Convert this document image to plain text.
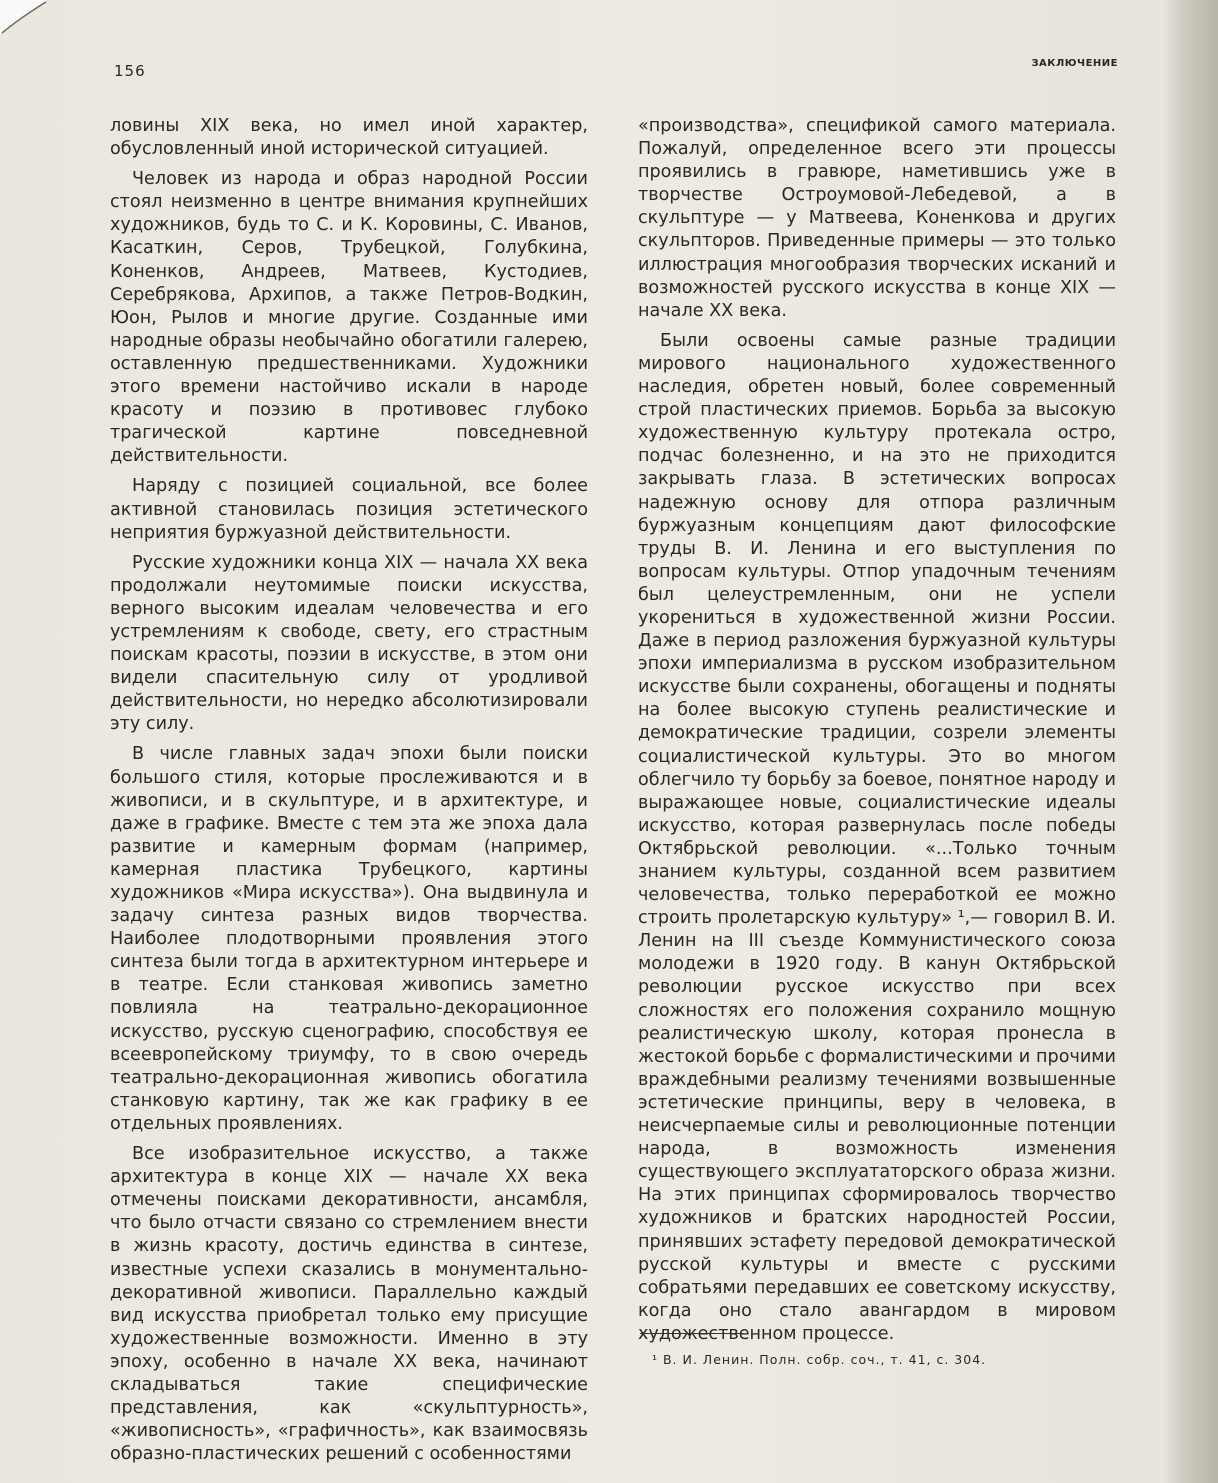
156	ЗАКЛЮЧЕНИЕ

ловины XIX века, но имел иной характер, обусловленный иной исторической ситуацией.

Человек из народа и образ народной России стоял неизменно в центре внимания крупнейших художников, будь то С. и К. Коровины, С. Иванов, Касаткин, Серов, Трубецкой, Голубкина, Коненков, Андреев, Матвеев, Кустодиев, Серебрякова, Архипов, а также Петров-Водкин, Юон, Рылов и многие другие. Созданные ими народные образы необычайно обогатили галерею, оставленную предшественниками. Художники этого времени настойчиво искали в народе красоту и поэзию в противовес глубоко трагической картине повседневной действительности.

Наряду с позицией социальной, все более активной становилась позиция эстетического неприятия буржуазной действительности.

Русские художники конца XIX — начала XX века продолжали неутомимые поиски искусства, верного высоким идеалам человечества и его устремлениям к свободе, свету, его страстным поискам красоты, поэзии в искусстве, в этом они видели спасительную силу от уродливой действительности, но нередко абсолютизировали эту силу.

В числе главных задач эпохи были поиски большого стиля, которые прослеживаются и в живописи, и в скульптуре, и в архитектуре, и даже в графике. Вместе с тем эта же эпоха дала развитие и камерным формам (например, камерная пластика Трубецкого, картины художников «Мира искусства»). Она выдвинула и задачу синтеза разных видов творчества. Наиболее плодотворными проявления этого синтеза были тогда в архитектурном интерьере и в театре. Если станковая живопись заметно повлияла на театрально-декорационное искусство, русскую сценографию, способствуя ее всеевропейскому триумфу, то в свою очередь театрально-декорационная живопись обогатила станковую картину, так же как графику в ее отдельных проявлениях.

Все изобразительное искусство, а также архитектура в конце XIX — начале XX века отмечены поисками декоративности, ансамбля, что было отчасти связано со стремлением внести в жизнь красоту, достичь единства в синтезе, известные успехи сказались в монументально-декоративной живописи. Параллельно каждый вид искусства приобретал только ему присущие художественные возможности. Именно в эту эпоху, особенно в начале XX века, начинают складываться такие специфические представления, как «скульптурность», «живописность», «графичность», как взаимосвязь образно-пластических решений с особенностями

«производства», спецификой самого материала. Пожалуй, определенное всего эти процессы проявились в гравюре, наметившись уже в творчестве Остроумовой-Лебедевой, а в скульптуре — у Матвеева, Коненкова и других скульпторов. Приведенные примеры — это только иллюстрация многообразия творческих исканий и возможностей русского искусства в конце XIX — начале XX века.

Были освоены самые разные традиции мирового национального художественного наследия, обретен новый, более современный строй пластических приемов. Борьба за высокую художественную культуру протекала остро, подчас болезненно, и на это не приходится закрывать глаза. В эстетических вопросах надежную основу для отпора различным буржуазным концепциям дают философские труды В. И. Ленина и его выступления по вопросам культуры. Отпор упадочным течениям был целеустремленным, они не успели укорениться в художественной жизни России. Даже в период разложения буржуазной культуры эпохи империализма в русском изобразительном искусстве были сохранены, обогащены и подняты на более высокую ступень реалистические и демократические традиции, созрели элементы социалистической культуры. Это во многом облегчило ту борьбу за боевое, понятное народу и выражающее новые, социалистические идеалы искусство, которая развернулась после победы Октябрьской революции. «...Только точным знанием культуры, созданной всем развитием человечества, только переработкой ее можно строить пролетарскую культуру» ¹,— говорил В. И. Ленин на III съезде Коммунистического союза молодежи в 1920 году. В канун Октябрьской революции русское искусство при всех сложностях его положения сохранило мощную реалистическую школу, которая пронесла в жестокой борьбе с формалистическими и прочими враждебными реализму течениями возвышенные эстетические принципы, веру в человека, в неисчерпаемые силы и революционные потенции народа, в возможность изменения существующего эксплуататорского образа жизни. На этих принципах сформировалось творчество художников и братских народностей России, принявших эстафету передовой демократической русской культуры и вместе с русскими собратьями передавших ее советскому искусству, когда оно стало авангардом в мировом художественном процессе.

¹ В. И. Ленин. Полн. собр. соч., т. 41, с. 304.
